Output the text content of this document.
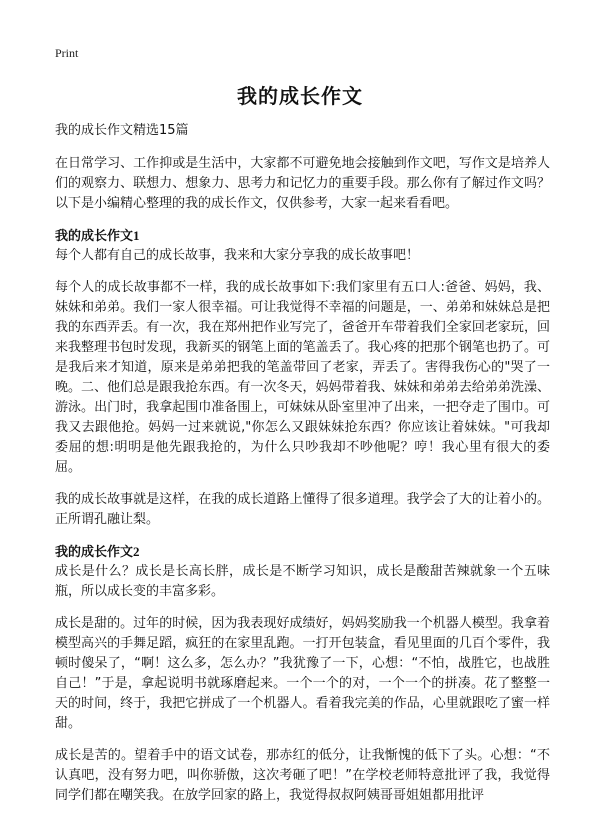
Print
我的成长作文

我的成长作文精选15篇

在日常学习、工作抑或是生活中，大家都不可避免地会接触到作文吧，写作文是培养人们的观察力、联想力、想象力、思考力和记忆力的重要手段。那么你有了解过作文吗？以下是小编精心整理的我的成长作文，仅供参考，大家一起来看看吧。

我的成长作文1

每个人都有自己的成长故事，我来和大家分享我的成长故事吧！

每个人的成长故事都不一样，我的成长故事如下:我们家里有五口人:爸爸、妈妈，我、妹妹和弟弟。我们一家人很幸福。可让我觉得不幸福的问题是，一、弟弟和妹妹总是把我的东西弄丢。有一次，我在郑州把作业写完了，爸爸开车带着我们全家回老家玩，回来我整理书包时发现，我新买的钢笔上面的笔盖丢了。我心疼的把那个钢笔也扔了。可是我后来才知道，原来是弟弟把我的笔盖带回了老家，弄丢了。害得我伤心的"哭了一晚。二、他们总是跟我抢东西。有一次冬天，妈妈带着我、妹妹和弟弟去给弟弟洗澡、游泳。出门时，我拿起围巾准备围上，可妹妹从卧室里冲了出来，一把夺走了围巾。可我又去跟他抢。妈妈一过来就说,"你怎么又跟妹妹抢东西？你应该让着妹妹。"可我却委屈的想:明明是他先跟我抢的，为什么只吵我却不吵他呢？哼！我心里有很大的委屈。

我的成长故事就是这样，在我的成长道路上懂得了很多道理。我学会了大的让着小的。正所谓孔融让梨。

我的成长作文2

成长是什么？成长是长高长胖，成长是不断学习知识，成长是酸甜苦辣就象一个五味瓶，所以成长变的丰富多彩。

成长是甜的。过年的时候，因为我表现好成绩好，妈妈奖励我一个机器人模型。我拿着模型高兴的手舞足蹈，疯狂的在家里乱跑。一打开包装盒，看见里面的几百个零件，我顿时傻呆了，“啊！这么多，怎么办？”我犹豫了一下，心想：“不怕，战胜它，也战胜自己！”于是，拿起说明书就琢磨起来。一个一个的对，一个一个的拼凑。花了整整一天的时间，终于，我把它拼成了一个机器人。看着我完美的作品，心里就跟吃了蜜一样甜。

成长是苦的。望着手中的语文试卷，那赤红的低分，让我惭愧的低下了头。心想：“不认真吧，没有努力吧，叫你骄傲，这次考砸了吧！”在学校老师特意批评了我，我觉得同学们都在嘲笑我。在放学回家的路上，我觉得叔叔阿姨哥哥姐姐都用批评
